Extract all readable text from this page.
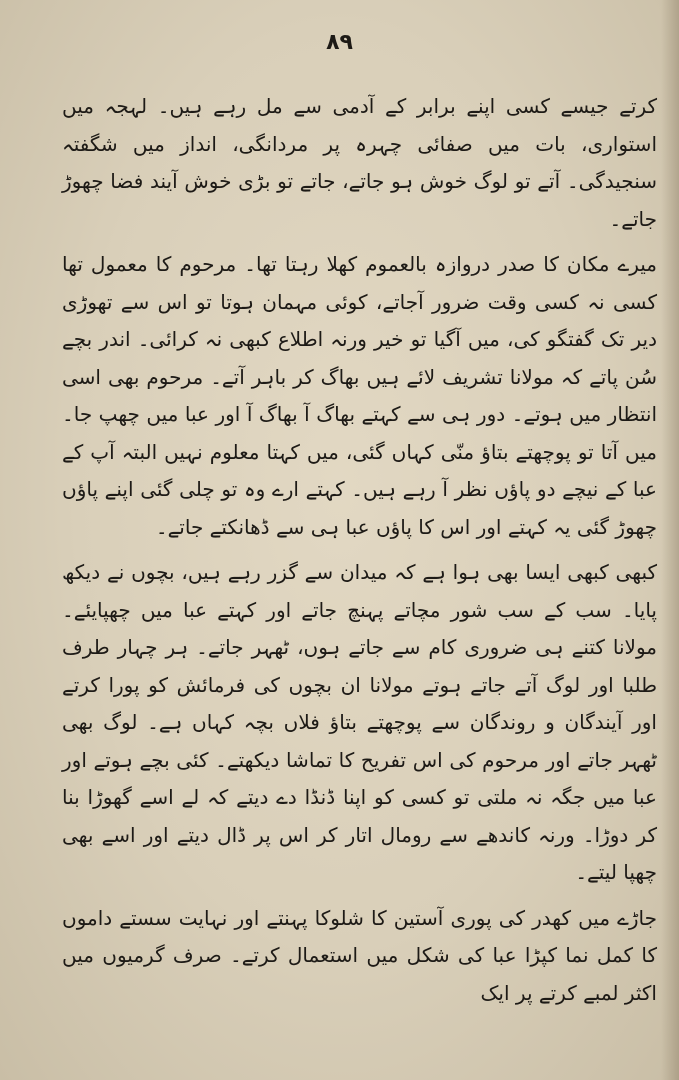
۸۹

کرتے جیسے کسی اپنے برابر کے آدمی سے مل رہے ہیں۔ لہجہ میں استواری، بات میں صفائی چہرہ پر مردانگی، انداز میں شگفتہ سنجیدگی۔ آتے تو لوگ خوش ہو جاتے، جاتے تو بڑی خوش آیند فضا چھوڑ جاتے۔

میرے مکان کا صدر دروازہ بالعموم کھلا رہتا تھا۔ مرحوم کا معمول تھا کسی نہ کسی وقت ضرور آجاتے، کوئی مہمان ہوتا تو اس سے تھوڑی دیر تک گفتگو کی، میں آگیا تو خیر ورنہ اطلاع کبھی نہ کرائی۔ اندر بچے سُن پاتے کہ مولانا تشریف لائے ہیں بھاگ کر باہر آتے۔ مرحوم بھی اسی انتظار میں ہوتے۔ دور ہی سے کہتے بھاگ آ بھاگ آ اور عبا میں چھپ جا۔ میں آتا تو پوچھتے بتاؤ منّی کہاں گئی، میں کہتا معلوم نہیں البتہ آپ کے عبا کے نیچے دو پاؤں نظر آ رہے ہیں۔ کہتے ارے وہ تو چلی گئی اپنے پاؤں چھوڑ گئی یہ کہتے اور اس کا پاؤں عبا ہی سے ڈھانکتے جاتے۔

کبھی کبھی ایسا بھی ہوا ہے کہ میدان سے گزر رہے ہیں، بچوں نے دیکھ پایا۔ سب کے سب شور مچاتے پہنچ جاتے اور کہتے عبا میں چھپایئے۔ مولانا کتنے ہی ضروری کام سے جاتے ہوں، ٹھہر جاتے۔ ہر چہار طرف طلبا اور لوگ آتے جاتے ہوتے مولانا ان بچوں کی فرمائش کو پورا کرتے اور آیندگان و روندگان سے پوچھتے بتاؤ فلاں بچہ کہاں ہے۔ لوگ بھی ٹھہر جاتے اور مرحوم کی اس تفریح کا تماشا دیکھتے۔ کئی بچے ہوتے اور عبا میں جگہ نہ ملتی تو کسی کو اپنا ڈنڈا دے دیتے کہ لے اسے گھوڑا بنا کر دوڑا۔ ورنہ کاندھے سے رومال اتار کر اس پر ڈال دیتے اور اسے بھی چھپا لیتے۔

جاڑے میں کھدر کی پوری آستین کا شلوکا پہنتے اور نہایت سستے داموں کا کمل نما کپڑا عبا کی شکل میں استعمال کرتے۔ صرف گرمیوں میں اکثر لمبے کرتے پر ایک
